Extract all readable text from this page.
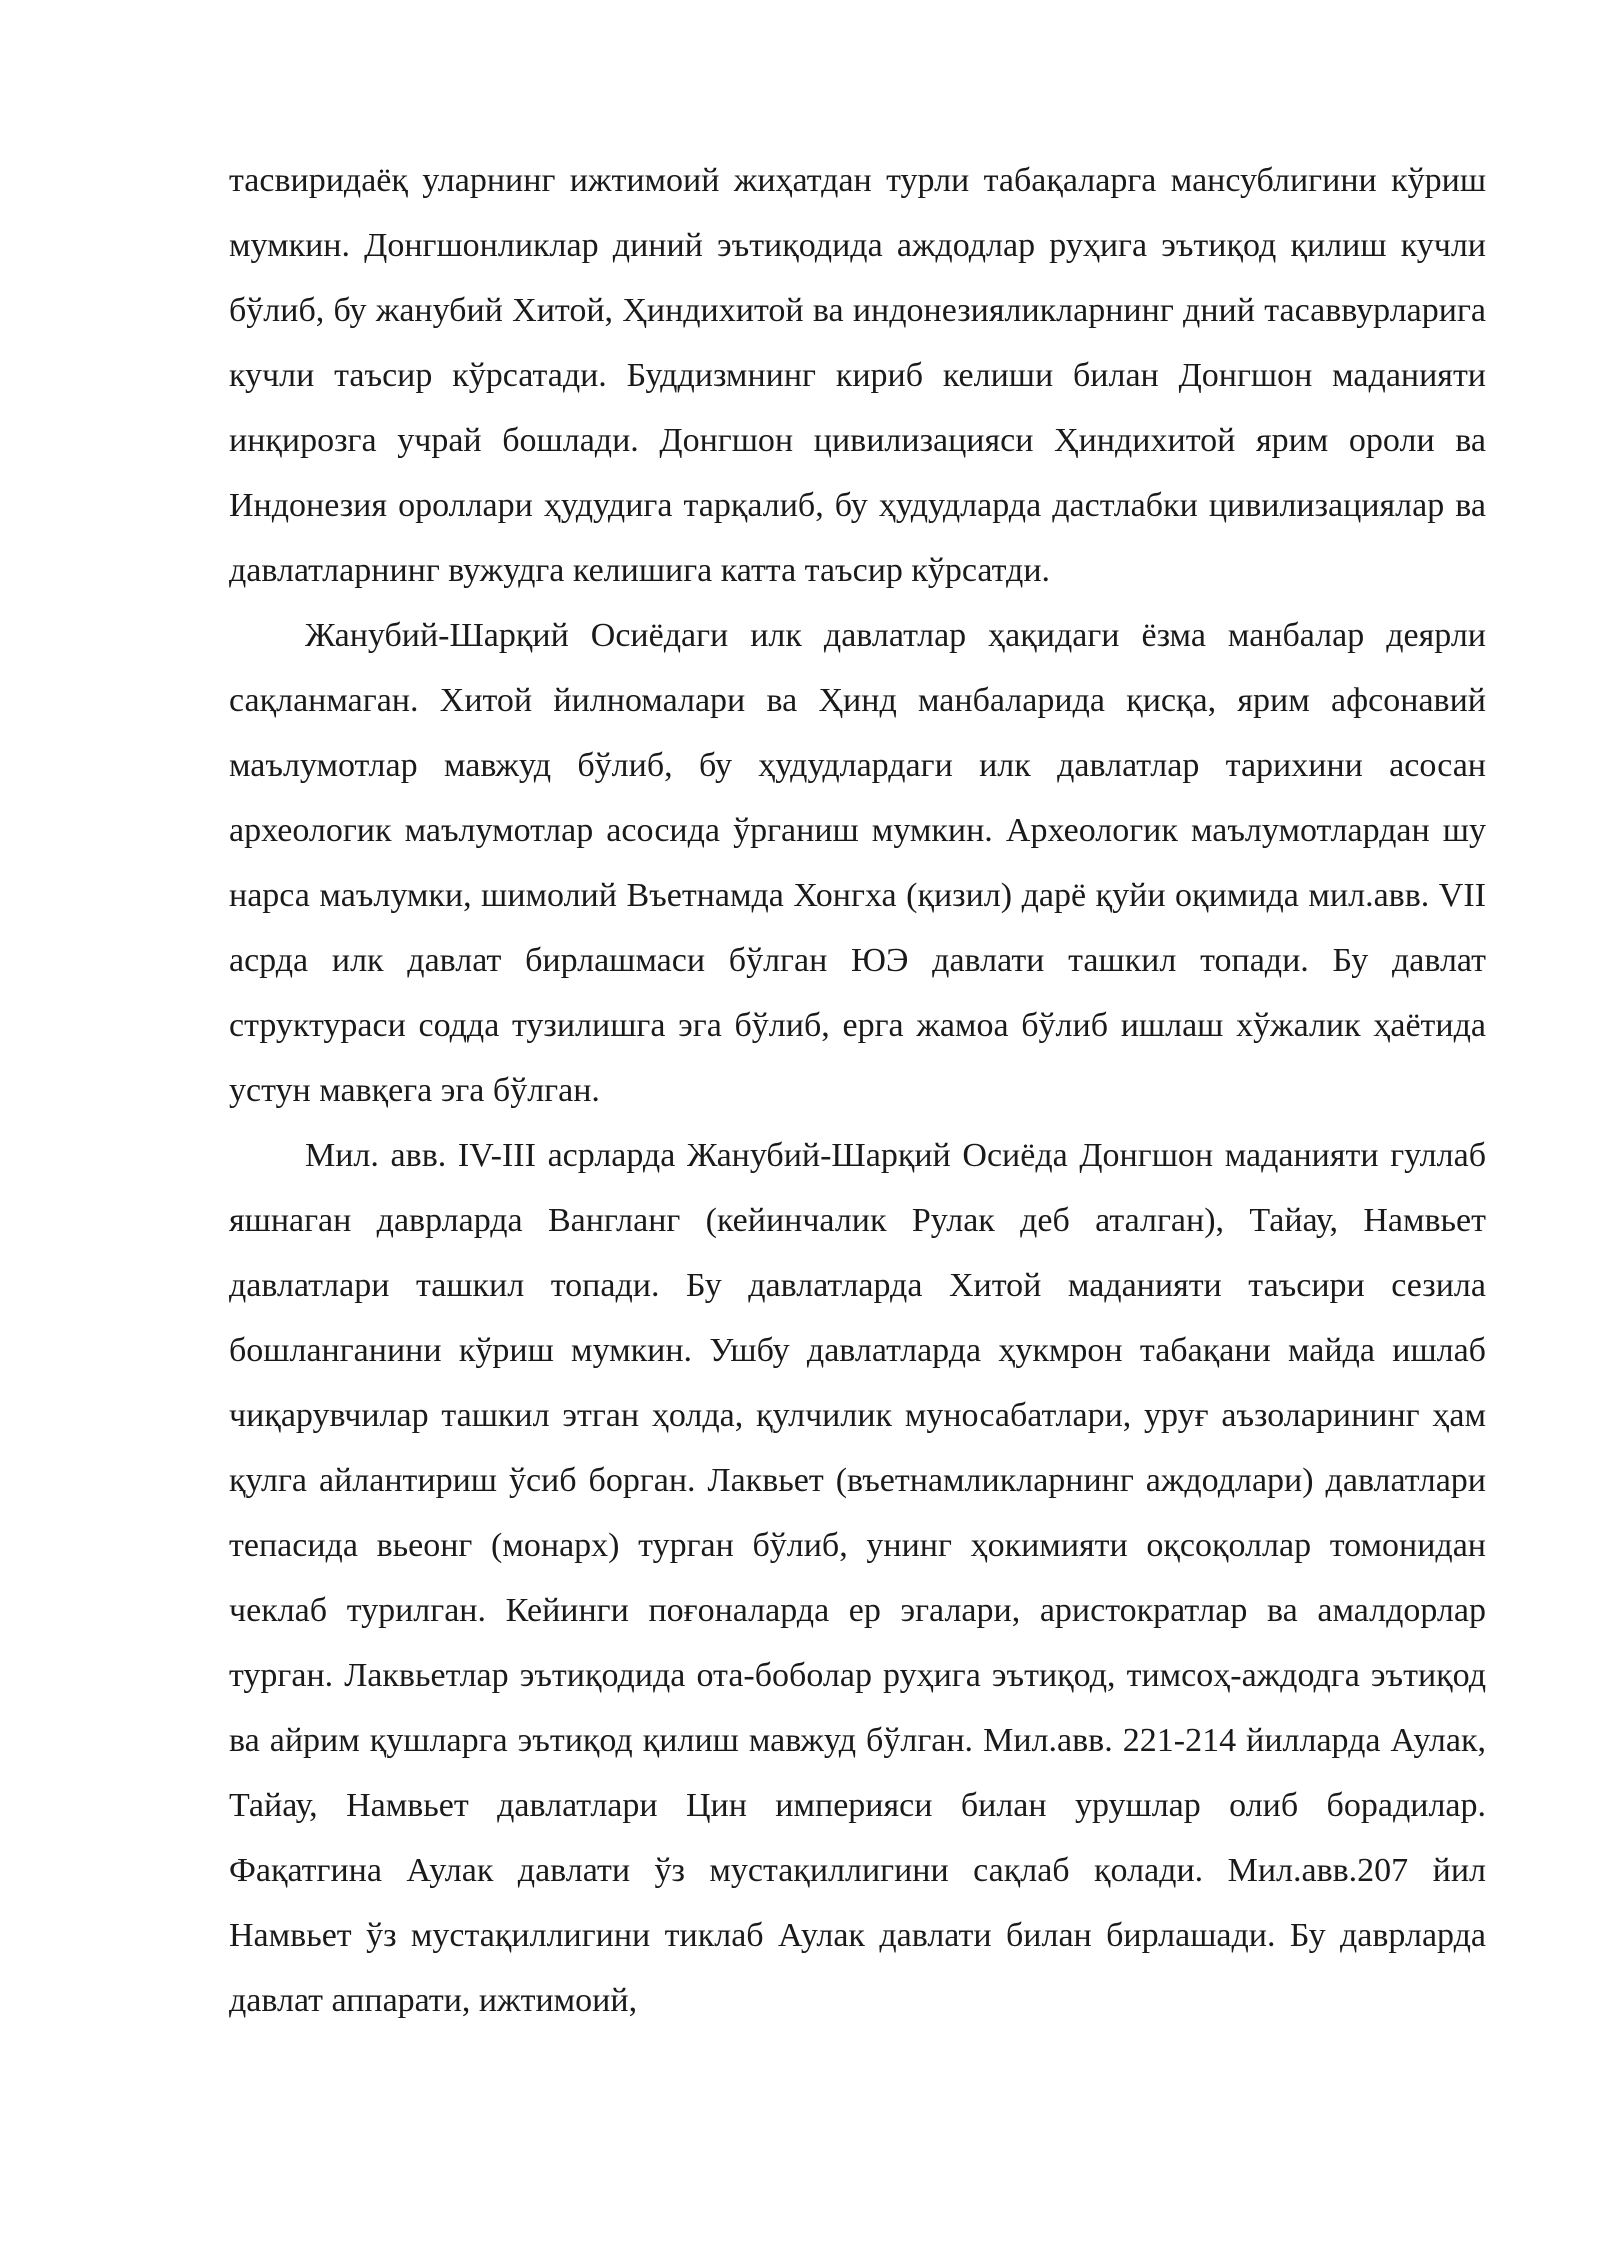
тасвиридаёқ уларнинг ижтимоий жиҳатдан турли табақаларга мансублигини кўриш мумкин. Донгшонликлар диний эътиқодида аждодлар руҳига эътиқод қилиш кучли бўлиб, бу жанубий Хитой, Ҳиндихитой ва индонезияликларнинг дний тасаввурларига кучли таъсир кўрсатади. Буддизмнинг кириб келиши билан Донгшон маданияти инқирозга учрай бошлади. Донгшон цивилизацияси Ҳиндихитой ярим ороли ва Индонезия ороллари ҳудудига тарқалиб, бу ҳудудларда дастлабки цивилизациялар ва давлатларнинг вужудга келишига катта таъсир кўрсатди.

Жанубий-Шарқий Осиёдаги илк давлатлар ҳақидаги ёзма манбалар деярли сақланмаган. Хитой йилномалари ва Ҳинд манбаларида қисқа, ярим афсонавий маълумотлар мавжуд бўлиб, бу ҳудудлардаги илк давлатлар тарихини асосан археологик маълумотлар асосида ўрганиш мумкин. Археологик маълумотлардан шу нарса маълумки, шимолий Въетнамда Хонгха (қизил) дарё қуйи оқимида мил.авв. VII асрда илк давлат бирлашмаси бўлган ЮЭ давлати ташкил топади. Бу давлат структураси содда тузилишга эга бўлиб, ерга жамоа бўлиб ишлаш хўжалик ҳаётида устун мавқега эга бўлган.

Мил. авв. IV-III асрларда Жанубий-Шарқий Осиёда Донгшон маданияти гуллаб яшнаган даврларда Вангланг (кейинчалик Рулак деб аталган), Тайау, Намвьет давлатлари ташкил топади. Бу давлатларда Хитой маданияти таъсири сезила бошланганини кўриш мумкин. Ушбу давлатларда ҳукмрон табақани майда ишлаб чиқарувчилар ташкил этган ҳолда, қулчилик муносабатлари, уруғ аъзоларининг ҳам қулга айлантириш ўсиб борган. Лаквьет (въетнамликларнинг аждодлари) давлатлари тепасида вьеонг (монарх) турган бўлиб, унинг ҳокимияти оқсоқоллар томонидан чеклаб турилган. Кейинги поғоналарда ер эгалари, аристократлар ва амалдорлар турган. Лаквьетлар эътиқодида ота-боболар руҳига эътиқод, тимсоҳ-аждодга эътиқод ва айрим қушларга эътиқод қилиш мавжуд бўлган. Мил.авв. 221-214 йилларда Аулак, Тайау, Намвьет давлатлари Цин империяси билан урушлар олиб борадилар. Фақатгина Аулак давлати ўз мустақиллигини сақлаб қолади. Мил.авв.207 йил Намвьет ўз мустақиллигини тиклаб Аулак давлати билан бирлашади. Бу даврларда давлат аппарати, ижтимоий,
